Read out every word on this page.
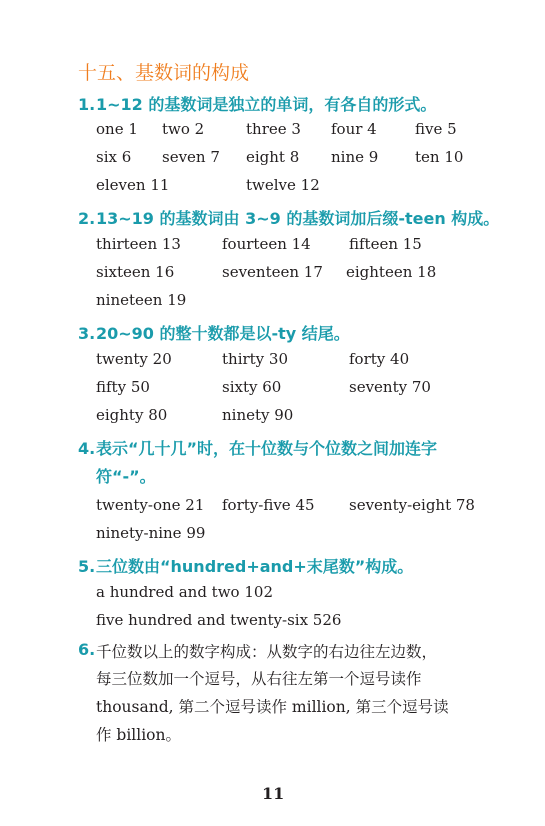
十五、基数词的构成
1.1~12 的基数词是独立的单词，有各自的形式。
one 1 two 2	three 3 four 4	five 5
six 6 seven 7 eight 8 nine 9 ten 10
eleven 11	twelve 12
2.13~19 的基数词由 3~9 的基数词加后缀-teen 构成。
thirteen 13	fourteen 14	fifteen 15
sixteen 16	seventeen 17 eighteen 18
nineteen 19
3.20~90 的整十数都是以-ty 结尾。
twenty 20	thirty 30	forty 40
fifty 50	sixty 60	seventy 70
eighty 80	ninety 90
4.表示“几十几”时，在十位数与个位数之间加连字
符“-”。
twenty-one 21 forty-five 45 seventy-eight 78
ninety-nine 99
5.三位数由“hundred+and+末尾数”构成。
a hundred and two 102
five hundred and twenty-six 526
6. 千位数以上的数字构成：从数字的右边往左边数，
每三位数加一个逗号，从右往左第一个逗号读作
thousand, 第二个逗号读作 million, 第三个逗号读
作 billion。
11
